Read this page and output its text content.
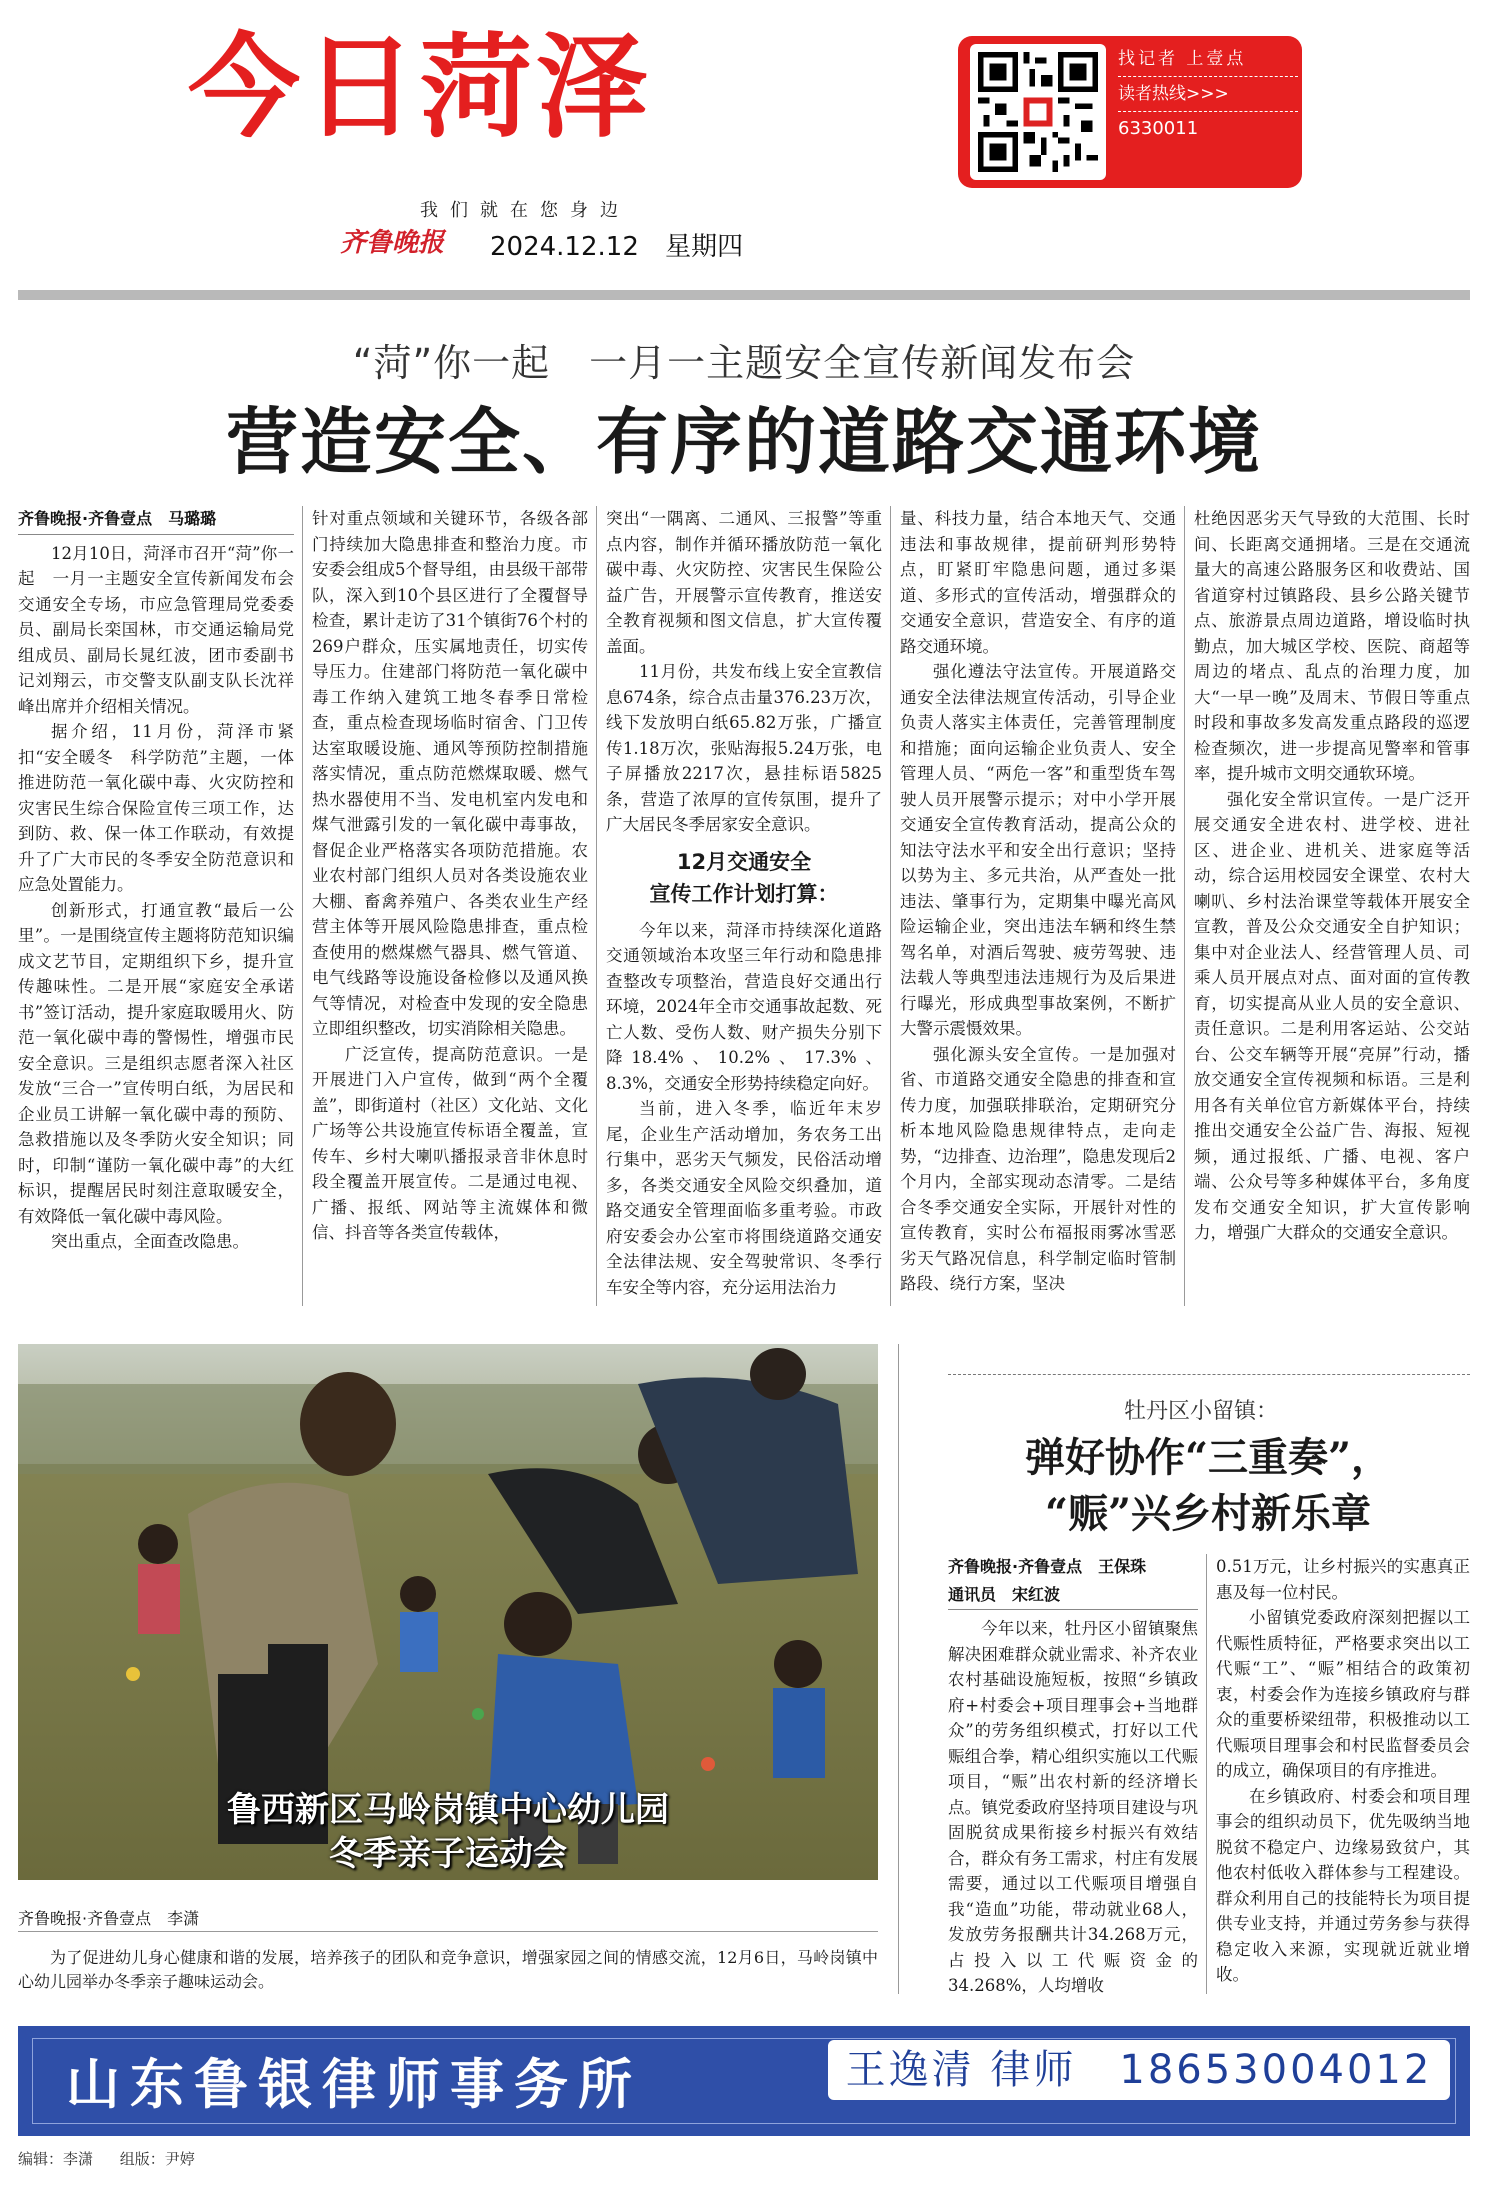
今日菏泽
我们就在您身边
齐鲁晚报 2024.12.12 星期四
找记者 上壹点
读者热线>>>
6330011
“菏”你一起　一月一主题安全宣传新闻发布会
营造安全、有序的道路交通环境

齐鲁晚报·齐鲁壹点　马璐璐

12月10日，菏泽市召开“菏”你一起　一月一主题安全宣传新闻发布会交通安全专场，市应急管理局党委委员、副局长栾国林，市交通运输局党组成员、副局长晁红波，团市委副书记刘翔云，市交警支队副支队长沈祥峰出席并介绍相关情况。

据介绍，11月份，菏泽市紧扣“安全暖冬　科学防范”主题，一体推进防范一氧化碳中毒、火灾防控和灾害民生综合保险宣传三项工作，达到防、救、保一体工作联动，有效提升了广大市民的冬季安全防范意识和应急处置能力。

创新形式，打通宣教“最后一公里”。一是围绕宣传主题将防范知识编成文艺节目，定期组织下乡，提升宣传趣味性。二是开展“家庭安全承诺书”签订活动，提升家庭取暖用火、防范一氧化碳中毒的警惕性，增强市民安全意识。三是组织志愿者深入社区发放“三合一”宣传明白纸，为居民和企业员工讲解一氧化碳中毒的预防、急救措施以及冬季防火安全知识；同时，印制“谨防一氧化碳中毒”的大红标识，提醒居民时刻注意取暖安全，有效降低一氧化碳中毒风险。

突出重点，全面查改隐患。

针对重点领域和关键环节，各级各部门持续加大隐患排查和整治力度。市安委会组成5个督导组，由县级干部带队，深入到10个县区进行了全覆督导检查，累计走访了31个镇街76个村的269户群众，压实属地责任，切实传导压力。住建部门将防范一氧化碳中毒工作纳入建筑工地冬春季日常检查，重点检查现场临时宿舍、门卫传达室取暖设施、通风等预防控制措施落实情况，重点防范燃煤取暖、燃气热水器使用不当、发电机室内发电和煤气泄露引发的一氧化碳中毒事故，督促企业严格落实各项防范措施。农业农村部门组织人员对各类设施农业大棚、畜禽养殖户、各类农业生产经营主体等开展风险隐患排查，重点检查使用的燃煤燃气器具、燃气管道、电气线路等设施设备检修以及通风换气等情况，对检查中发现的安全隐患立即组织整改，切实消除相关隐患。

广泛宣传，提高防范意识。一是开展进门入户宣传，做到“两个全覆盖”，即街道村（社区）文化站、文化广场等公共设施宣传标语全覆盖，宣传车、乡村大喇叭播报录音非休息时段全覆盖开展宣传。二是通过电视、广播、报纸、网站等主流媒体和微信、抖音等各类宣传载体，

突出“一隅离、二通风、三报警”等重点内容，制作并循环播放防范一氧化碳中毒、火灾防控、灾害民生保险公益广告，开展警示宣传教育，推送安全教育视频和图文信息，扩大宣传覆盖面。

11月份，共发布线上安全宣教信息674条，综合点击量376.23万次，线下发放明白纸65.82万张，广播宣传1.18万次，张贴海报5.24万张，电子屏播放2217次，悬挂标语5825条，营造了浓厚的宣传氛围，提升了广大居民冬季居家安全意识。

12月交通安全
宣传工作计划打算：

今年以来，菏泽市持续深化道路交通领域治本攻坚三年行动和隐患排查整改专项整治，营造良好交通出行环境，2024年全市交通事故起数、死亡人数、受伤人数、财产损失分别下降18.4%、10.2%、17.3%、8.3%，交通安全形势持续稳定向好。

当前，进入冬季，临近年末岁尾，企业生产活动增加，务农务工出行集中，恶劣天气频发，民俗活动增多，各类交通安全风险交织叠加，道路交通安全管理面临多重考验。市政府安委会办公室市将围绕道路交通安全法律法规、安全驾驶常识、冬季行车安全等内容，充分运用法治力

量、科技力量，结合本地天气、交通违法和事故规律，提前研判形势特点，盯紧盯牢隐患问题，通过多渠道、多形式的宣传活动，增强群众的交通安全意识，营造安全、有序的道路交通环境。

强化遵法守法宣传。开展道路交通安全法律法规宣传活动，引导企业负责人落实主体责任，完善管理制度和措施；面向运输企业负责人、安全管理人员、“两危一客”和重型货车驾驶人员开展警示提示；对中小学开展交通安全宣传教育活动，提高公众的知法守法水平和安全出行意识；坚持以势为主、多元共治，从严查处一批违法、肇事行为，定期集中曝光高风险运输企业，突出违法车辆和终生禁驾名单，对酒后驾驶、疲劳驾驶、违法载人等典型违法违规行为及后果进行曝光，形成典型事故案例，不断扩大警示震慑效果。

强化源头安全宣传。一是加强对省、市道路交通安全隐患的排查和宣传力度，加强联排联治，定期研究分析本地风险隐患规律特点，走向走势，“边排查、边治理”，隐患发现后2个月内，全部实现动态清零。二是结合冬季交通安全实际，开展针对性的宣传教育，实时公布福报雨雾冰雪恶劣天气路况信息，科学制定临时管制路段、绕行方案，坚决

杜绝因恶劣天气导致的大范围、长时间、长距离交通拥堵。三是在交通流量大的高速公路服务区和收费站、国省道穿村过镇路段、县乡公路关键节点、旅游景点周边道路，增设临时执勤点，加大城区学校、医院、商超等周边的堵点、乱点的治理力度，加大“一早一晚”及周末、节假日等重点时段和事故多发高发重点路段的巡逻检查频次，进一步提高见警率和管事率，提升城市文明交通软环境。

强化安全常识宣传。一是广泛开展交通安全进农村、进学校、进社区、进企业、进机关、进家庭等活动，综合运用校园安全课堂、农村大喇叭、乡村法治课堂等载体开展安全宣教，普及公众交通安全自护知识；集中对企业法人、经营管理人员、司乘人员开展点对点、面对面的宣传教育，切实提高从业人员的安全意识、责任意识。二是利用客运站、公交站台、公交车辆等开展“亮屏”行动，播放交通安全宣传视频和标语。三是利用各有关单位官方新媒体平台，持续推出交通安全公益广告、海报、短视频，通过报纸、广播、电视、客户端、公众号等多种媒体平台，多角度发布交通安全知识，扩大宣传影响力，增强广大群众的交通安全意识。

鲁西新区马岭岗镇中心幼儿园
冬季亲子运动会
齐鲁晚报·齐鲁壹点　李潇
为了促进幼儿身心健康和谐的发展，培养孩子的团队和竞争意识，增强家园之间的情感交流，12月6日，马岭岗镇中心幼儿园举办冬季亲子趣味运动会。
牡丹区小留镇：
弹好协作“三重奏”，
“赈”兴乡村新乐章

齐鲁晚报·齐鲁壹点　王保珠

通讯员　宋红波

今年以来，牡丹区小留镇聚焦解决困难群众就业需求、补齐农业农村基础设施短板，按照“乡镇政府+村委会+项目理事会+当地群众”的劳务组织模式，打好以工代赈组合拳，精心组织实施以工代赈项目，“赈”出农村新的经济增长点。镇党委政府坚持项目建设与巩固脱贫成果衔接乡村振兴有效结合，群众有务工需求，村庄有发展需要，通过以工代赈项目增强自我“造血”功能，带动就业68人，发放劳务报酬共计34.268万元，占投入以工代赈资金的34.268%，人均增收

0.51万元，让乡村振兴的实惠真正惠及每一位村民。

小留镇党委政府深刻把握以工代赈性质特征，严格要求突出以工代赈“工”、“赈”相结合的政策初衷，村委会作为连接乡镇政府与群众的重要桥梁纽带，积极推动以工代赈项目理事会和村民监督委员会的成立，确保项目的有序推进。

在乡镇政府、村委会和项目理事会的组织动员下，优先吸纳当地脱贫不稳定户、边缘易致贫户，其他农村低收入群体参与工程建设。群众利用自己的技能特长为项目提供专业支持，并通过劳务参与获得稳定收入来源，实现就近就业增收。

山东鲁银律师事务所	王逸清 律师　18653004012
编辑：李潇 组版：尹婷
